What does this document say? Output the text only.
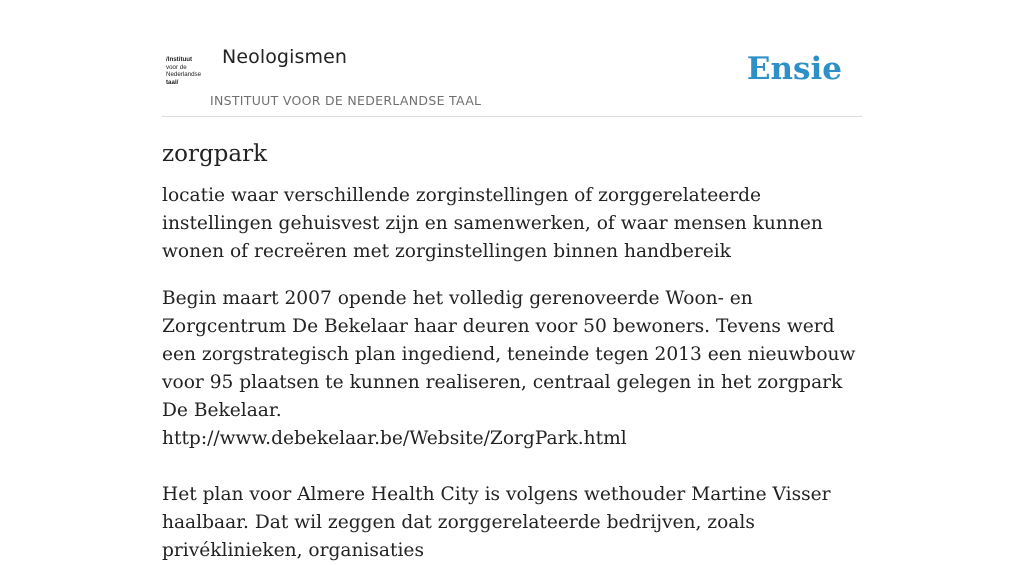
/Instituut
voor de
Nederlandse
taal/
Neologismen
INSTITUUT VOOR DE NEDERLANDSE TAAL
Ensie
zorgpark

locatie waar verschillende zorginstellingen of zorggerelateerde instellingen gehuisvest zijn en samenwerken, of waar mensen kunnen wonen of recreëren met zorginstellingen binnen handbereik

Begin maart 2007 opende het volledig gerenoveerde Woon- en Zorgcentrum De Bekelaar haar deuren voor 50 bewoners. Tevens werd een zorgstrategisch plan ingediend, teneinde tegen 2013 een nieuwbouw voor 95 plaatsen te kunnen realiseren, centraal gelegen in het zorgpark De Bekelaar.
http://www.debekelaar.be/Website/ZorgPark.html

Het plan voor Almere Health City is volgens wethouder Martine Visser haalbaar. Dat wil zeggen dat zorggerelateerde bedrijven, zoals privéklinieken, organisaties
